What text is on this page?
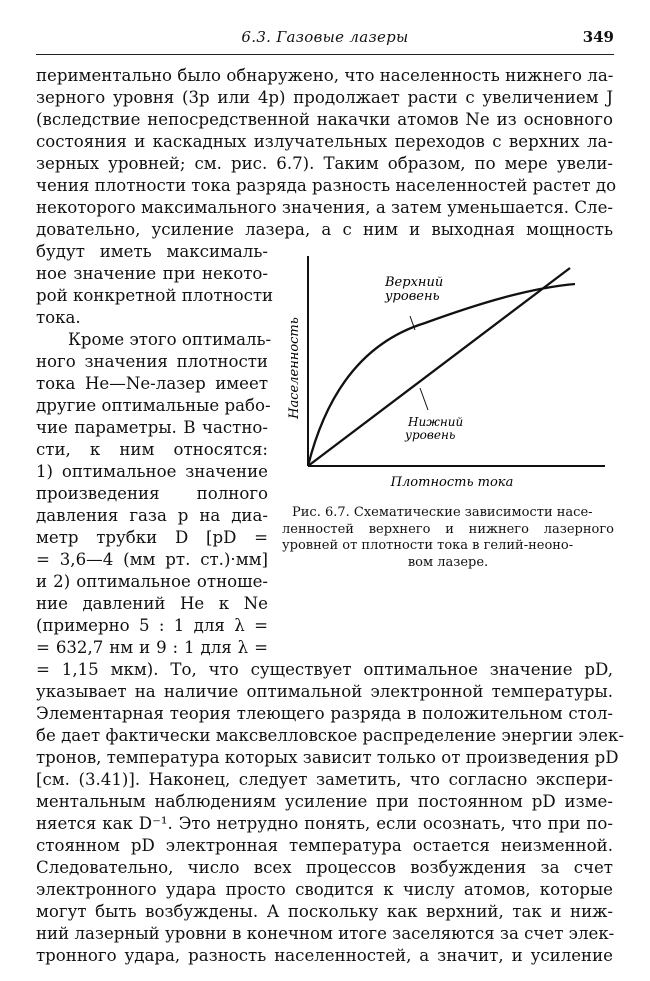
6.3. Газовые лазеры	349
периментально было обнаружено, что населенность нижнего ла-
зерного уровня (3p или 4p) продолжает расти с увеличением J
(вследствие непосредственной накачки атомов Ne из основного
состояния и каскадных излучательных переходов с верхних ла-
зерных уровней; см. рис. 6.7). Таким образом, по мере увели-
чения плотности тока разряда разность населенностей растет до
некоторого максимального значения, а затем уменьшается. Сле-
довательно, усиление лазера, а с ним и выходная мощность
будут иметь максималь-
ное значение при некото-
рой конкретной плотности
тока.
Кроме этого оптималь-
ного значения плотности
тока He—Ne-лазер имеет
другие оптимальные рабо-
чие параметры. В частно-
сти, к ним относятся:
1) оптимальное значение
произведения полного
давления газа p на диа-
метр трубки D [pD =
= 3,6—4 (мм рт. ст.)·мм]
и 2) оптимальное отноше-
ние давлений He к Ne
(примерно 5 : 1 для λ =
= 632,7 нм и 9 : 1 для λ =
= 1,15 мкм). То, что существует оптимальное значение pD,
указывает на наличие оптимальной электронной температуры.
Элементарная теория тлеющего разряда в положительном стол-
бе дает фактически максвелловское распределение энергии элек-
тронов, температура которых зависит только от произведения pD
[см. (3.41)]. Наконец, следует заметить, что согласно экспери-
ментальным наблюдениям усиление при постоянном pD изме-
няется как D⁻¹. Это нетрудно понять, если осознать, что при по-
стоянном pD электронная температура остается неизменной.
Следовательно, число всех процессов возбуждения за счет
электронного удара просто сводится к числу атомов, которые
могут быть возбуждены. А поскольку как верхний, так и ниж-
ний лазерный уровни в конечном итоге заселяются за счет элек-
тронного удара, разность населенностей, а значит, и усиление
Верхний
уровень
Нижний
уровень
Населенность
Плотность тока
Рис. 6.7. Схематические зависимости насе-
ленностей верхнего и нижнего лазерного уровней от плотности тока в гелий-неоно-
вом лазере.
